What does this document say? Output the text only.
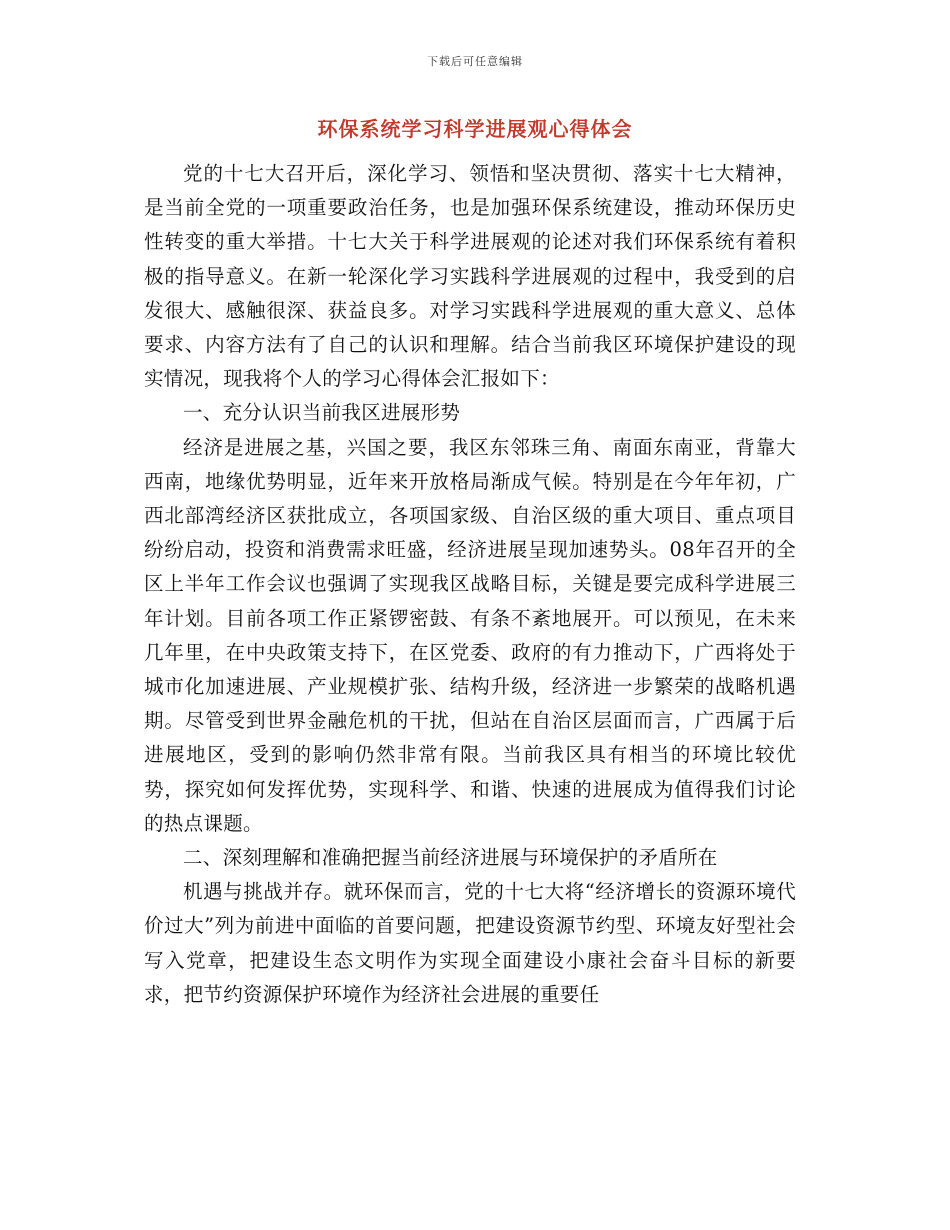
下载后可任意编辑
环保系统学习科学进展观心得体会

党的十七大召开后，深化学习、领悟和坚决贯彻、落实十七大精神，是当前全党的一项重要政治任务，也是加强环保系统建设，推动环保历史性转变的重大举措。十七大关于科学进展观的论述对我们环保系统有着积极的指导意义。在新一轮深化学习实践科学进展观的过程中，我受到的启发很大、感触很深、获益良多。对学习实践科学进展观的重大意义、总体要求、内容方法有了自己的认识和理解。结合当前我区环境保护建设的现实情况，现我将个人的学习心得体会汇报如下：

一、充分认识当前我区进展形势

经济是进展之基，兴国之要，我区东邻珠三角、南面东南亚，背靠大西南，地缘优势明显，近年来开放格局渐成气候。特别是在今年年初，广西北部湾经济区获批成立，各项国家级、自治区级的重大项目、重点项目纷纷启动，投资和消费需求旺盛，经济进展呈现加速势头。08年召开的全区上半年工作会议也强调了实现我区战略目标，关键是要完成科学进展三年计划。目前各项工作正紧锣密鼓、有条不紊地展开。可以预见，在未来几年里，在中央政策支持下，在区党委、政府的有力推动下，广西将处于城市化加速进展、产业规模扩张、结构升级，经济进一步繁荣的战略机遇期。尽管受到世界金融危机的干扰，但站在自治区层面而言，广西属于后进展地区，受到的影响仍然非常有限。当前我区具有相当的环境比较优势，探究如何发挥优势，实现科学、和谐、快速的进展成为值得我们讨论的热点课题。

二、深刻理解和准确把握当前经济进展与环境保护的矛盾所在

机遇与挑战并存。就环保而言，党的十七大将“经济增长的资源环境代价过大”列为前进中面临的首要问题，把建设资源节约型、环境友好型社会写入党章，把建设生态文明作为实现全面建设小康社会奋斗目标的新要求，把节约资源保护环境作为经济社会进展的重要任
